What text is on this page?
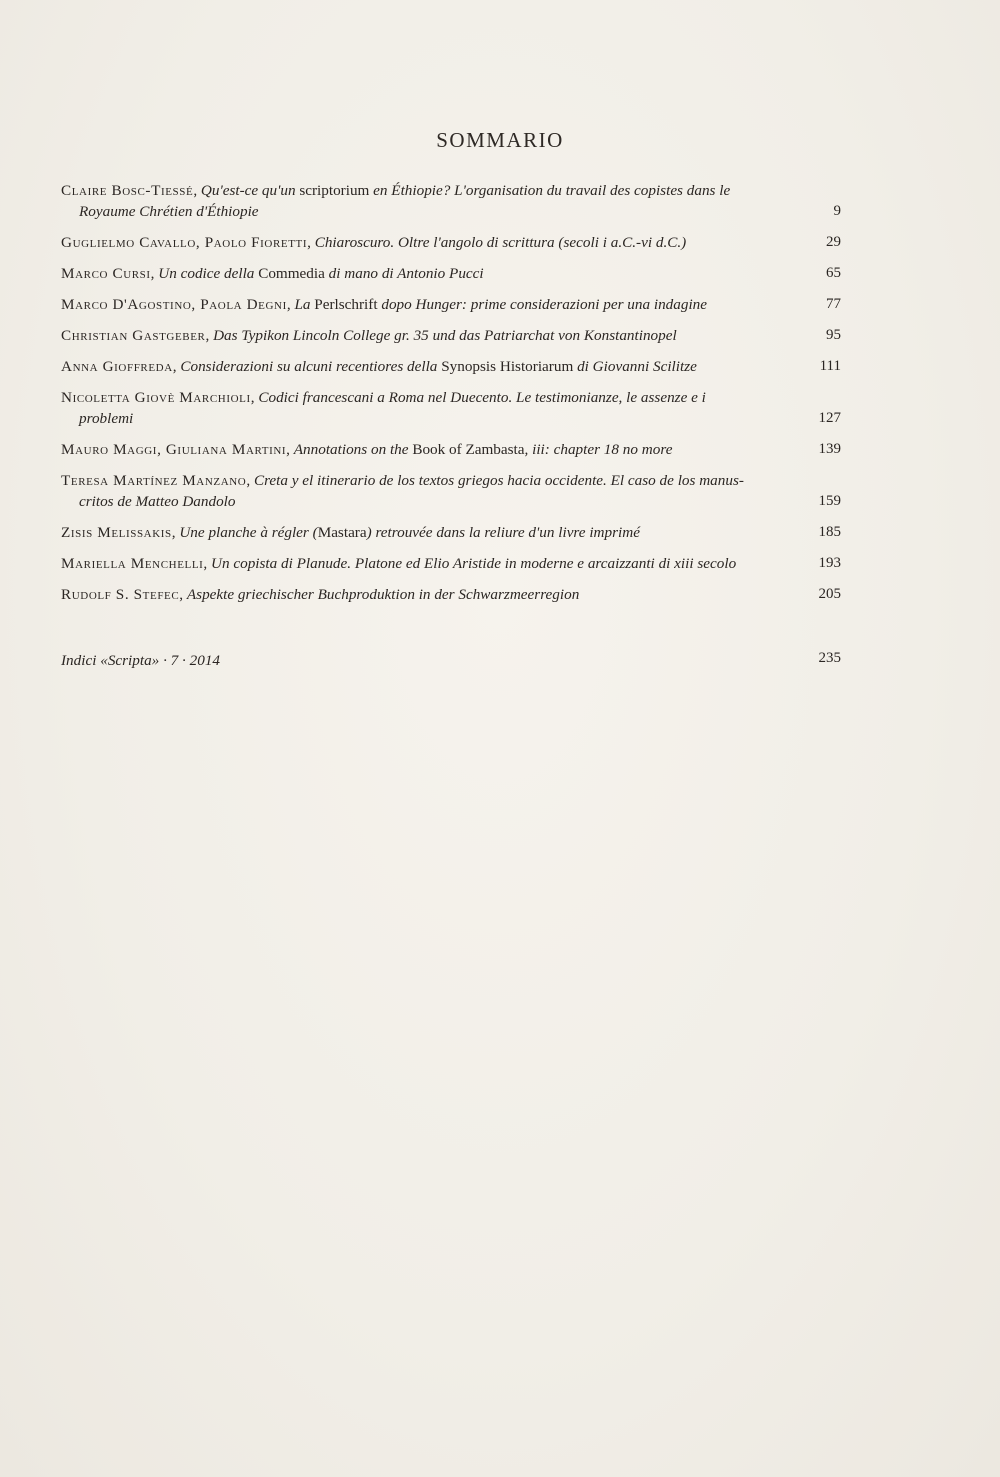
SOMMARIO
Claire Bosc-Tiessé, Qu'est-ce qu'un scriptorium en Éthiopie? L'organisation du travail des copistes dans le
Royaume Chrétien d'Éthiopie	9
Guglielmo Cavallo, Paolo Fioretti, Chiaroscuro. Oltre l'angolo di scrittura (secoli i a.C.-vi d.C.)	29
Marco Cursi, Un codice della Commedia di mano di Antonio Pucci	65
Marco D'Agostino, Paola Degni, La Perlschrift dopo Hunger: prime considerazioni per una indagine	77
Christian Gastgeber, Das Typikon Lincoln College gr. 35 und das Patriarchat von Konstantinopel	95
Anna Gioffreda, Considerazioni su alcuni recentiores della Synopsis Historiarum di Giovanni Scilitze	111
Nicoletta Giovè Marchioli, Codici francescani a Roma nel Duecento. Le testimonianze, le assenze e i
problemi	127
Mauro Maggi, Giuliana Martini, Annotations on the Book of Zambasta, iii: chapter 18 no more	139
Teresa Martínez Manzano, Creta y el itinerario de los textos griegos hacia occidente. El caso de los manus-
critos de Matteo Dandolo	159
Zisis Melissakis, Une planche à régler (Mastara) retrouvée dans la reliure d'un livre imprimé	185
Mariella Menchelli, Un copista di Planude. Platone ed Elio Aristide in moderne e arcaizzanti di xiii secolo	193
Rudolf S. Stefec, Aspekte griechischer Buchproduktion in der Schwarzmeerregion	205
Indici «Scripta» · 7 · 2014	235
